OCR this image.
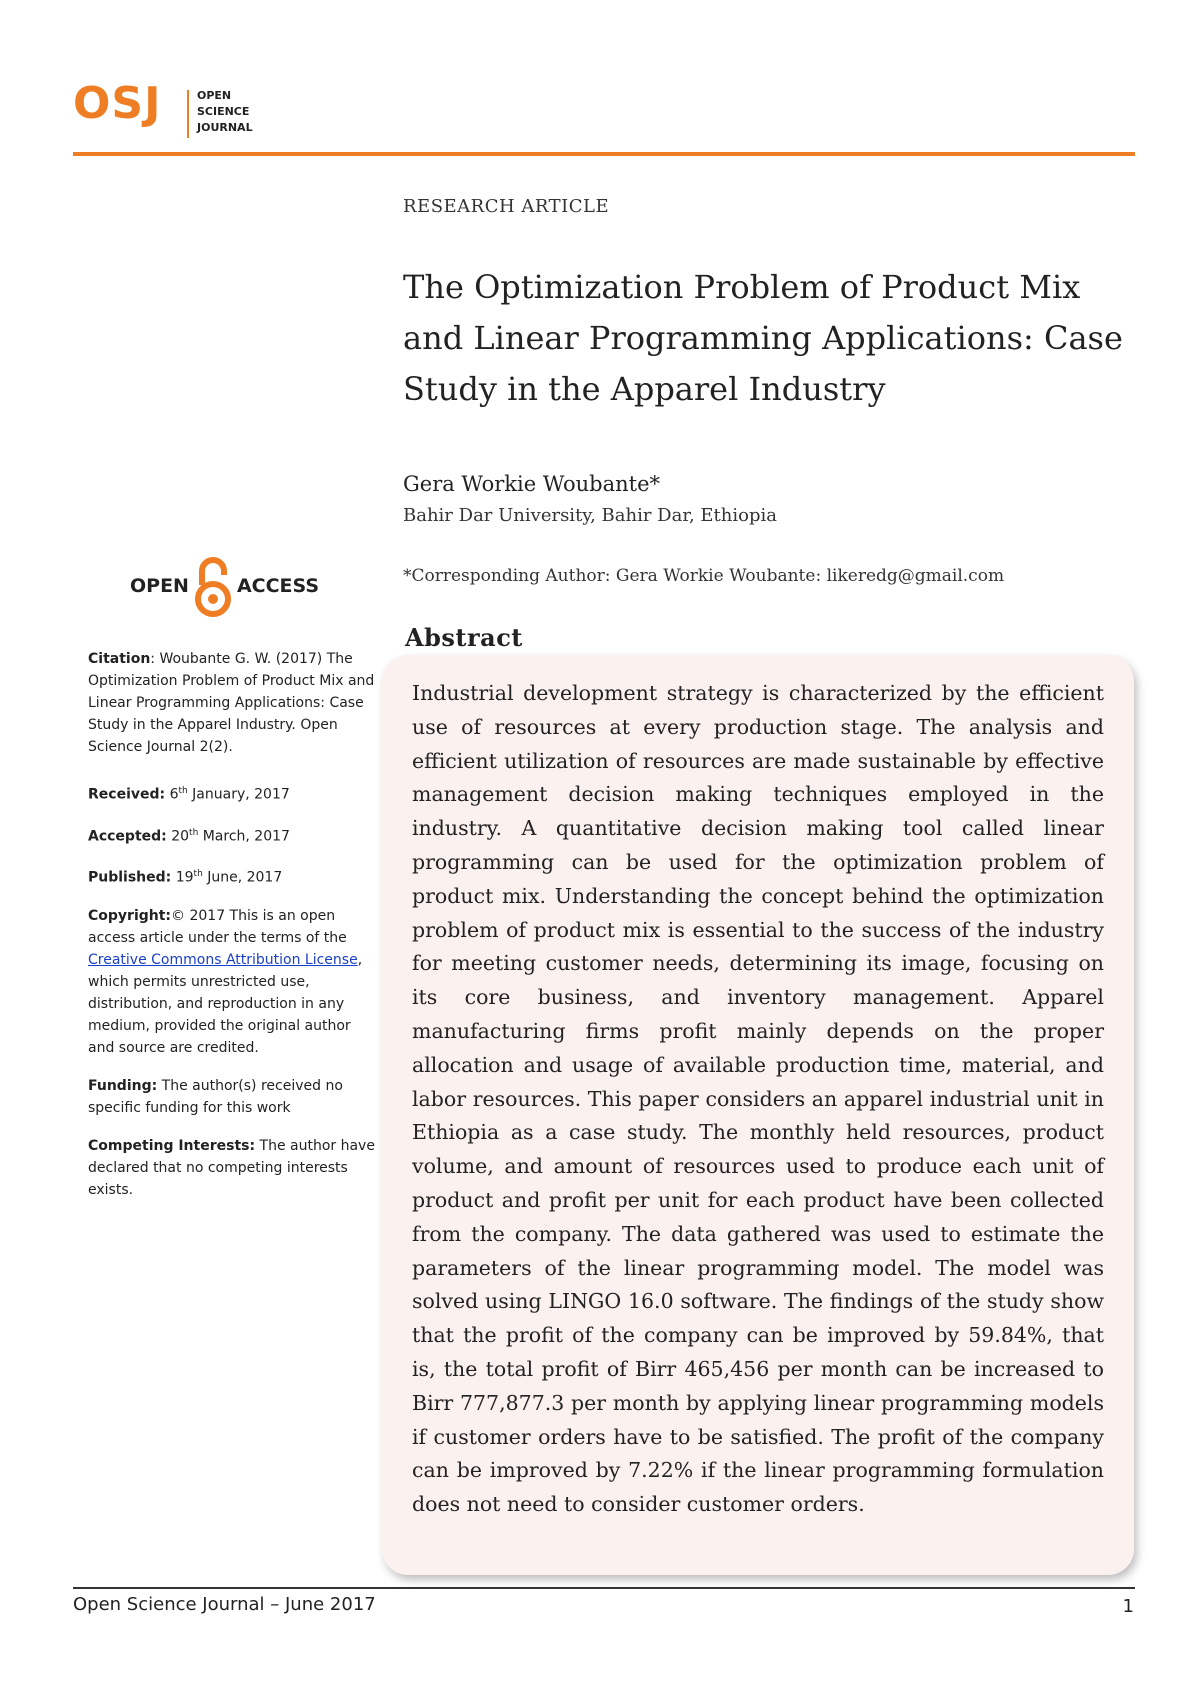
OSJ	OPEN
SCIENCE
JOURNAL
RESEARCH ARTICLE
The Optimization Problem of Product Mix and Linear Programming Applications: Case Study in the Apparel Industry
Gera Workie Woubante*
Bahir Dar University, Bahir Dar, Ethiopia
*Corresponding Author: Gera Workie Woubante: likeredg@gmail.com
OPEN	ACCESS

Citation: Woubante G. W. (2017) The Optimization Problem of Product Mix and Linear Programming Applications: Case Study in the Apparel Industry. Open Science Journal 2(2).

Received: 6th January, 2017

Accepted: 20th March, 2017

Published: 19th June, 2017

Copyright:© 2017 This is an open access article under the terms of the Creative Commons Attribution License, which permits unrestricted use, distribution, and reproduction in any medium, provided the original author and source are credited.

Funding: The author(s) received no specific funding for this work

Competing Interests: The author have declared that no competing interests exists.

Abstract

Industrial development strategy is characterized by the efficient use of resources at every production stage. The analysis and efficient utilization of resources are made sustainable by effective management decision making techniques employed in the industry. A quantitative decision making tool called linear programming can be used for the optimization problem of product mix. Understanding the concept behind the optimization problem of product mix is essential to the success of the industry for meeting customer needs, determining its image, focusing on its core business, and inventory management. Apparel manufacturing firms profit mainly depends on the proper allocation and usage of available production time, material, and labor resources. This paper considers an apparel industrial unit in Ethiopia as a case study. The monthly held resources, product volume, and amount of resources used to produce each unit of product and profit per unit for each product have been collected from the company. The data gathered was used to estimate the parameters of the linear programming model. The model was solved using LINGO 16.0 software. The findings of the study show that the profit of the company can be improved by 59.84%, that is, the total profit of Birr 465,456 per month can be increased to Birr 777,877.3 per month by applying linear programming models if customer orders have to be satisfied. The profit of the company can be improved by 7.22% if the linear programming formulation does not need to consider customer orders.

Open Science Journal – June 2017	1
